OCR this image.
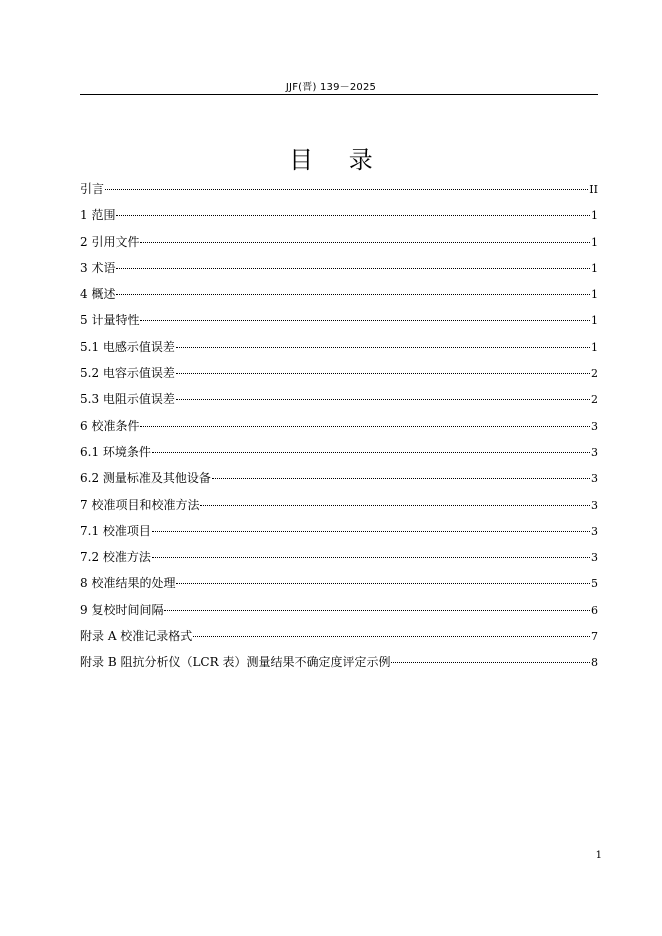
JJF(晋) 139－2025
目 录
引言	II
1 范围	1
2 引用文件	1
3 术语	1
4 概述	1
5 计量特性	1
5.1 电感示值误差	1
5.2 电容示值误差	2
5.3 电阻示值误差	2
6 校准条件	3
6.1 环境条件	3
6.2 测量标准及其他设备	3
7 校准项目和校准方法	3
7.1 校准项目	3
7.2 校准方法	3
8 校准结果的处理	5
9 复校时间间隔	6
附录 A 校准记录格式	7
附录 B 阻抗分析仪（LCR 表）测量结果不确定度评定示例	8
1
